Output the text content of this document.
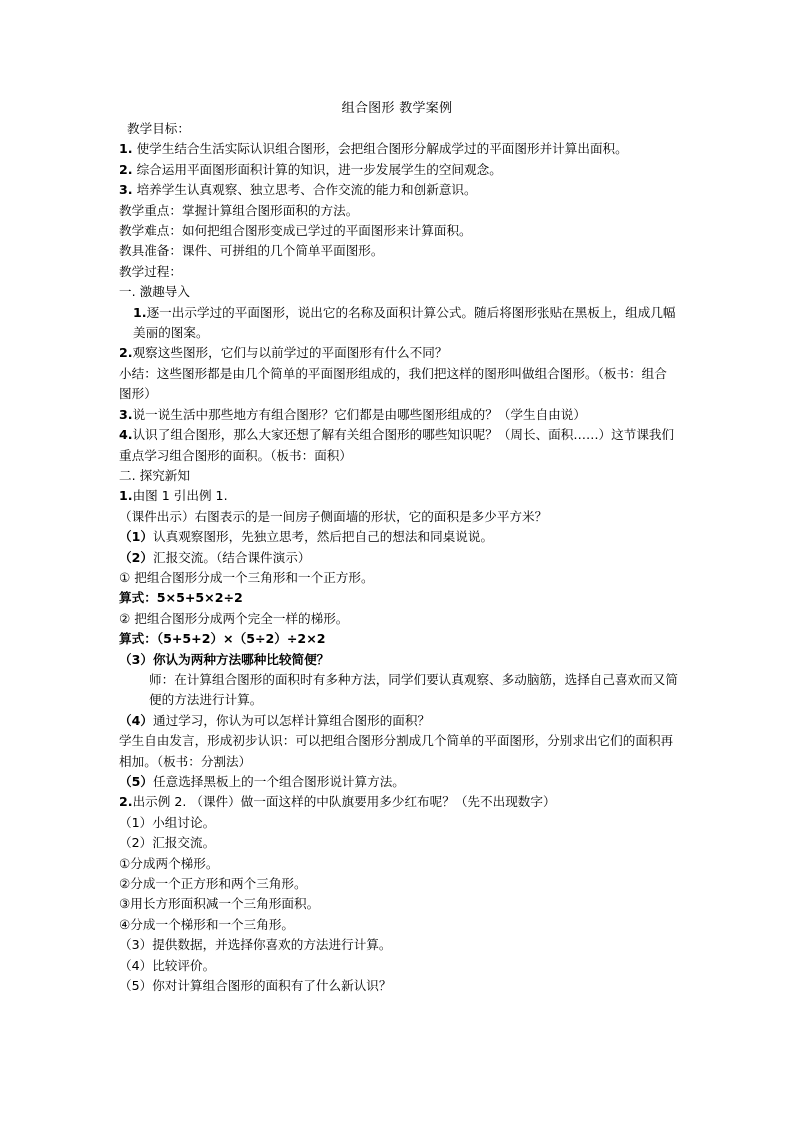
组合图形 教学案例
教学目标：
1. 使学生结合生活实际认识组合图形，会把组合图形分解成学过的平面图形并计算出面积。
2. 综合运用平面图形面积计算的知识，进一步发展学生的空间观念。
3. 培养学生认真观察、独立思考、合作交流的能力和创新意识。
教学重点：掌握计算组合图形面积的方法。
教学难点：如何把组合图形变成已学过的平面图形来计算面积。
教具准备：课件、可拼组的几个简单平面图形。
教学过程：
一. 激趣导入
1.逐一出示学过的平面图形，说出它的名称及面积计算公式。随后将图形张贴在黑板上，组成几幅美丽的图案。
2.观察这些图形，它们与以前学过的平面图形有什么不同？
小结：这些图形都是由几个简单的平面图形组成的，我们把这样的图形叫做组合图形。（板书：组合图形）
3.说一说生活中那些地方有组合图形？它们都是由哪些图形组成的？（学生自由说）
4.认识了组合图形，那么大家还想了解有关组合图形的哪些知识呢？（周长、面积……）这节课我们重点学习组合图形的面积。（板书：面积）
二. 探究新知
1.由图 1 引出例 1.
（课件出示）右图表示的是一间房子侧面墙的形状，它的面积是多少平方米？
（1）认真观察图形，先独立思考，然后把自己的想法和同桌说说。
（2）汇报交流。（结合课件演示）
① 把组合图形分成一个三角形和一个正方形。
算式：5×5+5×2÷2
② 把组合图形分成两个完全一样的梯形。
算式：（5+5+2）×（5÷2）÷2×2
（3）你认为两种方法哪种比较简便？
师：在计算组合图形的面积时有多种方法，同学们要认真观察、多动脑筋，选择自己喜欢而又简便的方法进行计算。
（4）通过学习，你认为可以怎样计算组合图形的面积？
学生自由发言，形成初步认识：可以把组合图形分割成几个简单的平面图形，分别求出它们的面积再相加。（板书：分割法）
（5）任意选择黑板上的一个组合图形说计算方法。
2.出示例 2. （课件）做一面这样的中队旗要用多少红布呢？（先不出现数字）
（1）小组讨论。
（2）汇报交流。
①分成两个梯形。
②分成一个正方形和两个三角形。
③用长方形面积减一个三角形面积。
④分成一个梯形和一个三角形。
（3）提供数据，并选择你喜欢的方法进行计算。
（4）比较评价。
（5）你对计算组合图形的面积有了什么新认识？
